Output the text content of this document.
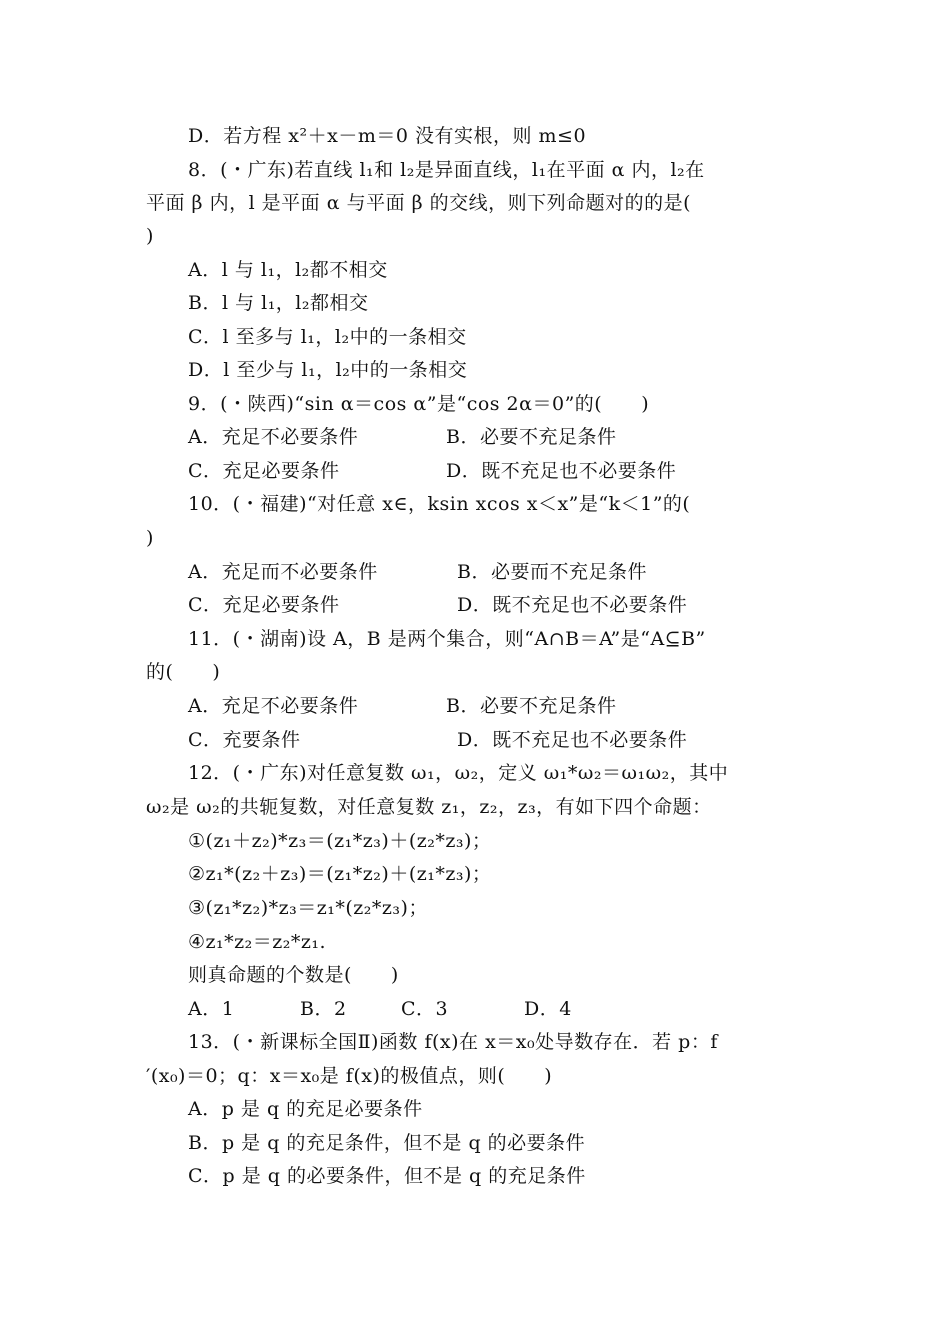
D．若方程 x²＋x－m＝0 没有实根，则 m≤0
8．(・广东)若直线 l₁和 l₂是异面直线，l₁在平面 α 内，l₂在
平面 β 内，l 是平面 α 与平面 β 的交线，则下列命题对的的是(
)
A．l 与 l₁，l₂都不相交
B．l 与 l₁，l₂都相交
C．l 至多与 l₁，l₂中的一条相交
D．l 至少与 l₁，l₂中的一条相交
9．(・陕西)“sin α＝cos α”是“cos 2α＝0”的(　　)
A．充足不必要条件	B．必要不充足条件
C．充足必要条件	D．既不充足也不必要条件
10．(・福建)“对任意 x∈，ksin xcos x＜x”是“k＜1”的(
)
A．充足而不必要条件	B．必要而不充足条件
C．充足必要条件	D．既不充足也不必要条件
11．(・湖南)设 A，B 是两个集合，则“A∩B＝A”是“A⊆B”
的(　　)
A．充足不必要条件	B．必要不充足条件
C．充要条件	D．既不充足也不必要条件
12．(・广东)对任意复数 ω₁，ω₂，定义 ω₁*ω₂＝ω₁ω₂，其中
ω₂是 ω₂的共轭复数，对任意复数 z₁，z₂，z₃，有如下四个命题：
①(z₁＋z₂)*z₃＝(z₁*z₃)＋(z₂*z₃)；
②z₁*(z₂＋z₃)＝(z₁*z₂)＋(z₁*z₃)；
③(z₁*z₂)*z₃＝z₁*(z₂*z₃)；
④z₁*z₂＝z₂*z₁.
则真命题的个数是(　　)
A．1	B．2	C．3	D．4
13．(・新课标全国Ⅱ)函数 f(x)在 x＝x₀处导数存在．若 p：f
′(x₀)＝0；q：x＝x₀是 f(x)的极值点，则(　　)
A．p 是 q 的充足必要条件
B．p 是 q 的充足条件，但不是 q 的必要条件
C．p 是 q 的必要条件，但不是 q 的充足条件
